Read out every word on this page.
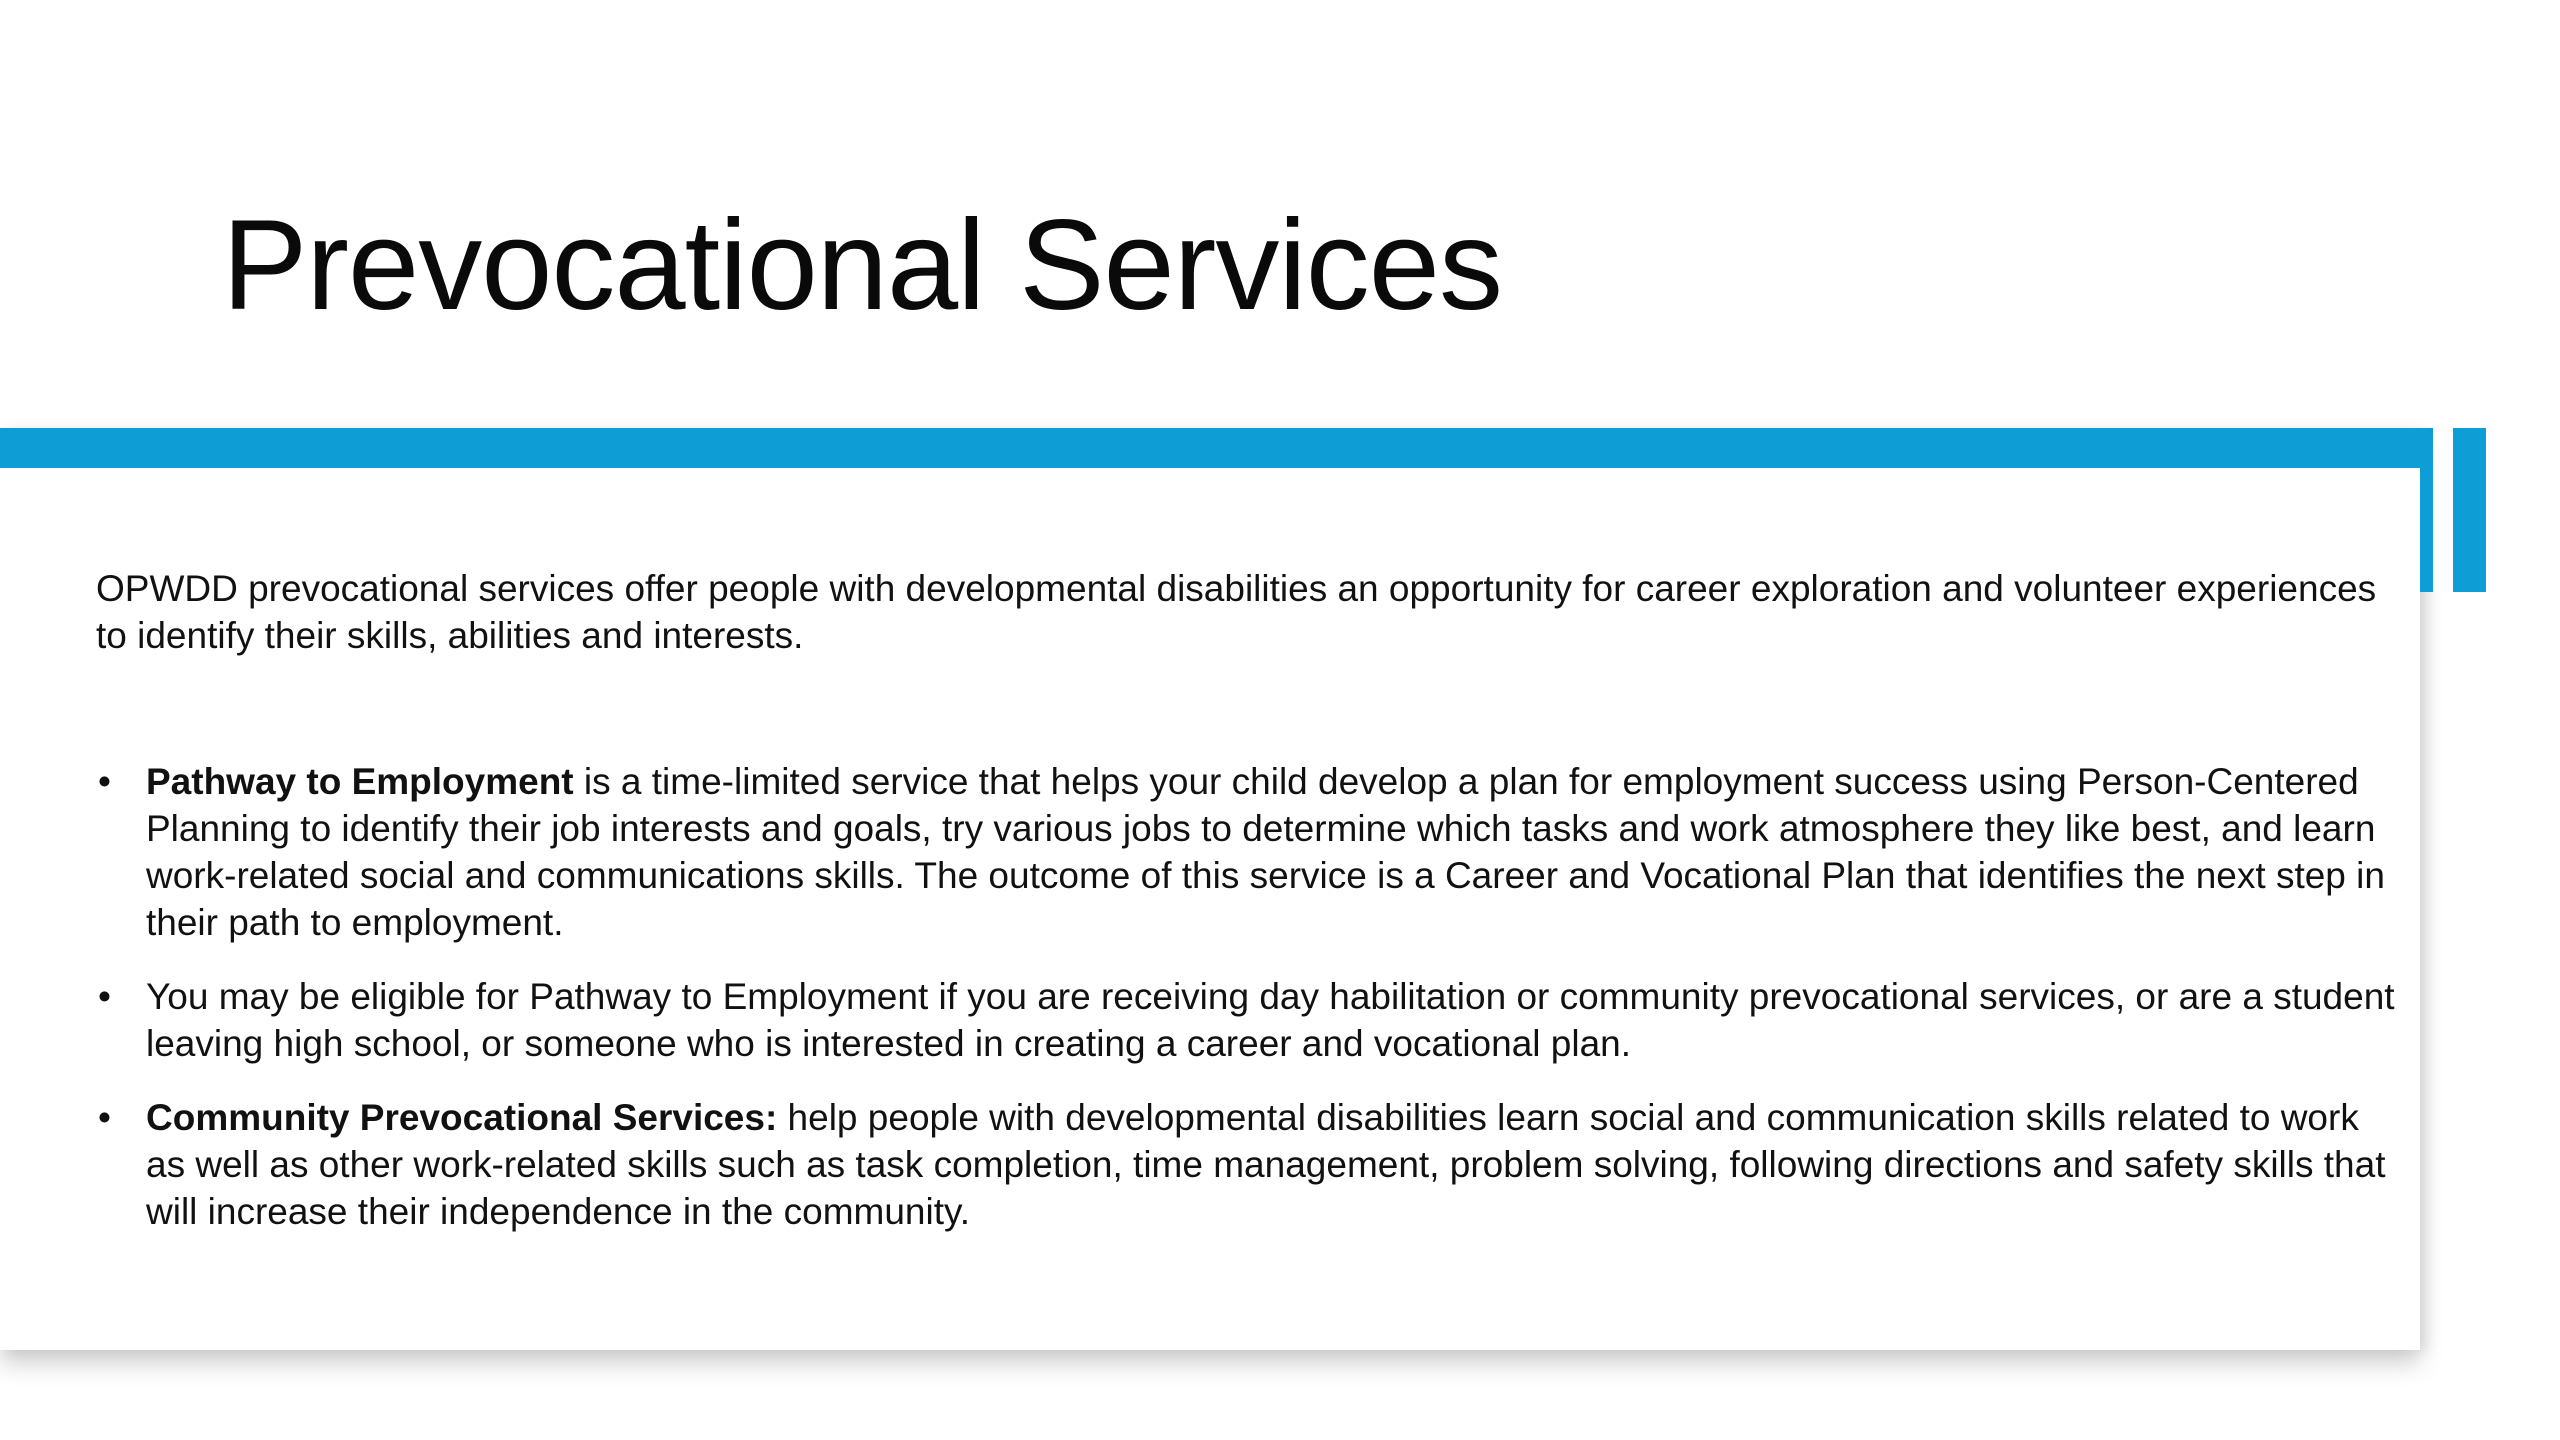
Prevocational Services

OPWDD prevocational services offer people with developmental disabilities an opportunity for career exploration and volunteer experiences to identify their skills, abilities and interests.

• Pathway to Employment is a time-limited service that helps your child develop a plan for employment success using Person-Centered Planning to identify their job interests and goals, try various jobs to determine which tasks and work atmosphere they like best, and learn work-related social and communications skills. The outcome of this service is a Career and Vocational Plan that identifies the next step in their path to employment.
• You may be eligible for Pathway to Employment if you are receiving day habilitation or community prevocational services, or are a student leaving high school, or someone who is interested in creating a career and vocational plan.
• Community Prevocational Services: help people with developmental disabilities learn social and communication skills related to work as well as other work-related skills such as task completion, time management, problem solving, following directions and safety skills that will increase their independence in the community.
